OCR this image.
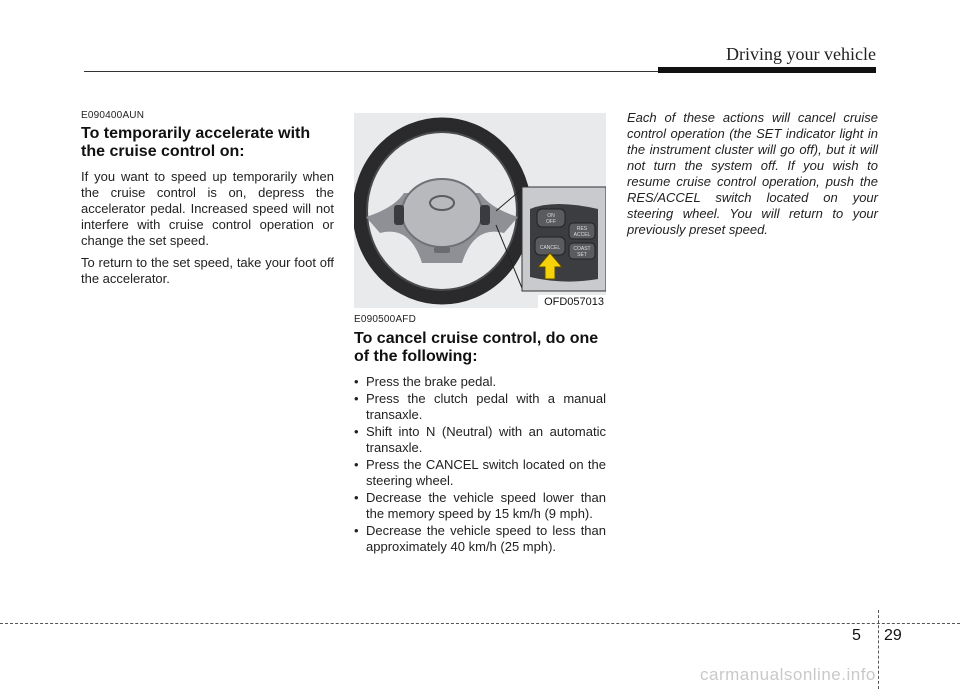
Driving your vehicle
E090400AUN
To temporarily accelerate with the cruise control on:

If you want to speed up temporarily when the cruise control is on, depress the accelerator pedal. Increased speed will not interfere with cruise control operation or change the set speed.

To return to the set speed, take your foot off the accelerator.

ON
OFF
RES
ACCEL
COAST
SET
CANCEL
OFD057013
E090500AFD
To cancel cruise control, do one of the following:
• Press the brake pedal.
• Press the clutch pedal with a manual transaxle.
• Shift into N (Neutral) with an automatic transaxle.
• Press the CANCEL switch located on the steering wheel.
• Decrease the vehicle speed lower than the memory speed by 15 km/h (9 mph).
• Decrease the vehicle speed to less than approximately 40 km/h (25 mph).

Each of these actions will cancel cruise control operation (the SET indicator light in the instrument cluster will go off), but it will not turn the system off. If you wish to resume cruise control operation, push the RES/ACCEL switch located on your steering wheel. You will return to your previously preset speed.

5 29
carmanualsonline.info
